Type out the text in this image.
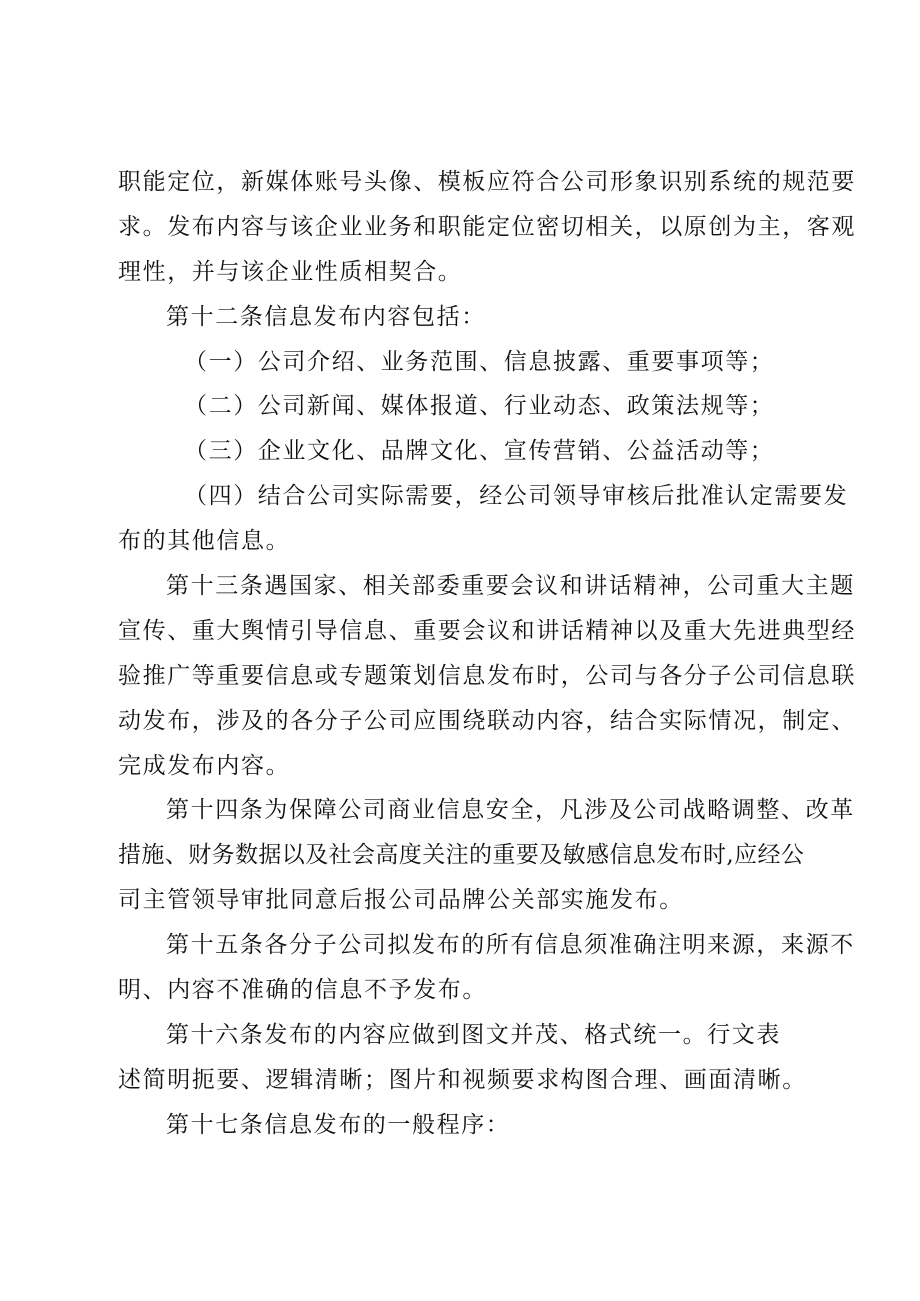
职能定位，新媒体账号头像、模板应符合公司形象识别系统的规范要
求。发布内容与该企业业务和职能定位密切相关，以原创为主，客观
理性，并与该企业性质相契合。
第十二条信息发布内容包括：
（一）公司介绍、业务范围、信息披露、重要事项等；
（二）公司新闻、媒体报道、行业动态、政策法规等；
（三）企业文化、品牌文化、宣传营销、公益活动等；
（四）结合公司实际需要，经公司领导审核后批准认定需要发
布的其他信息。
第十三条遇国家、相关部委重要会议和讲话精神，公司重大主题
宣传、重大舆情引导信息、重要会议和讲话精神以及重大先进典型经
验推广等重要信息或专题策划信息发布时，公司与各分子公司信息联
动发布，涉及的各分子公司应围绕联动内容，结合实际情况，制定、
完成发布内容。
第十四条为保障公司商业信息安全，凡涉及公司战略调整、改革
措施、财务数据以及社会高度关注的重要及敏感信息发布时,应经公
司主管领导审批同意后报公司品牌公关部实施发布。
第十五条各分子公司拟发布的所有信息须准确注明来源，来源不
明、内容不准确的信息不予发布。
第十六条发布的内容应做到图文并茂、格式统一。行文表
述简明扼要、逻辑清晰；图片和视频要求构图合理、画面清晰。
第十七条信息发布的一般程序：
